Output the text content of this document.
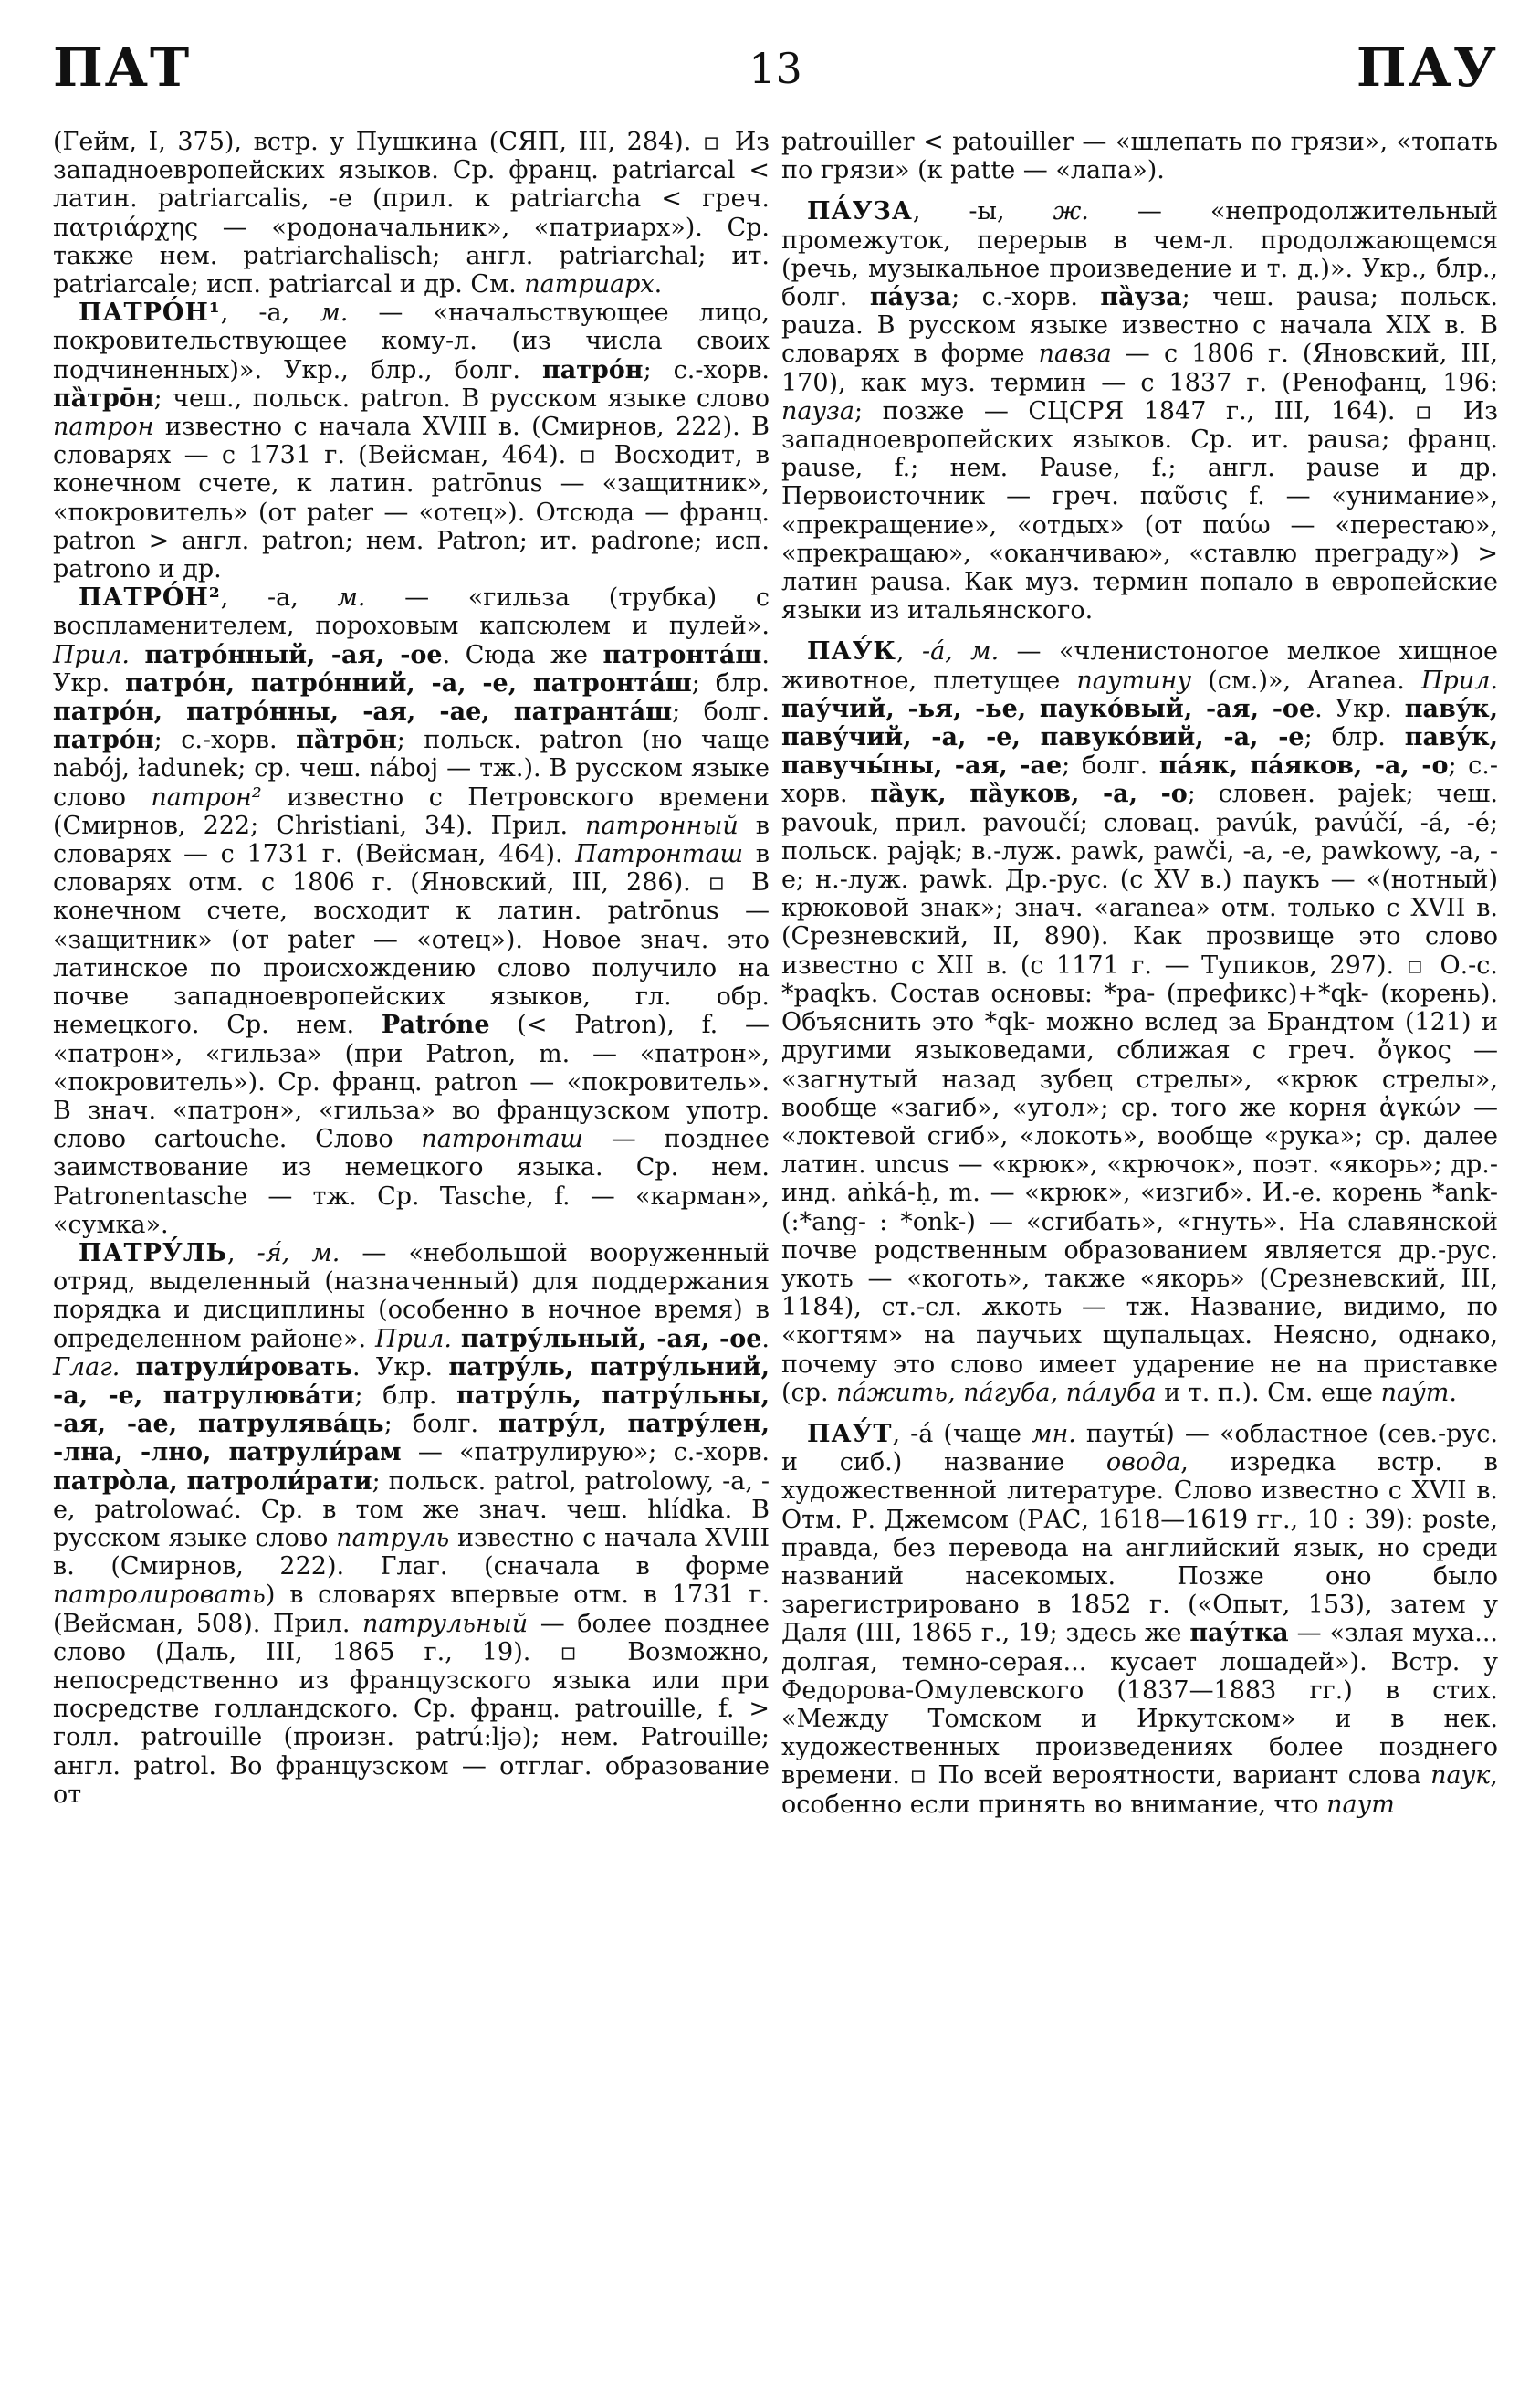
ПАТ	13	ПАУ

(Гейм, I, 375), встр. у Пушкина (СЯП, III, 284). ▫ Из западноевропейских языков. Ср. франц. patriarcal < латин. patriarcalis, -e (прил. к patriarcha < греч. πατριάρχης — «родоначальник», «патриарх»). Ср. также нем. patriarchalisch; англ. patriarchal; ит. patriarcale; исп. patriarcal и др. См. патриарх.

ПАТРО́Н¹, -а, м. — «начальствующее лицо, покровительствующее кому-л. (из числа своих подчиненных)». Укр., блр., болг. патрóн; с.-хорв. пȁтрōн; чеш., польск. patron. В русском языке слово патрон известно с начала XVIII в. (Смирнов, 222). В словарях — с 1731 г. (Вейсман, 464). ▫ Восходит, в конечном счете, к латин. patrōnus — «защитник», «покровитель» (от pater — «отец»). Отсюда — франц. patron > англ. patron; нем. Patron; ит. padrone; исп. patrono и др.

ПАТРО́Н², -а, м. — «гильза (трубка) с воспламенителем, пороховым капсюлем и пулей». Прил. патрóнный, -ая, -ое. Сюда же патронта́ш. Укр. патрóн, патрóнний, -а, -е, патронта́ш; блр. патрóн, патрóнны, -ая, -ае, патранта́ш; болг. патрóн; с.-хорв. пȁтрōн; польск. patron (но чаще nabój, ładunek; ср. чеш. náboj — тж.). В русском языке слово патрон² известно с Петровского времени (Смирнов, 222; Christiani, 34). Прил. патронный в словарях — с 1731 г. (Вейсман, 464). Патронташ в словарях отм. с 1806 г. (Яновский, III, 286). ▫ В конечном счете, восходит к латин. patrōnus — «защитник» (от pater — «отец»). Новое знач. это латинское по происхождению слово получило на почве западноевропейских языков, гл. обр. немецкого. Ср. нем. Patróne (< Patron), f. — «патрон», «гильза» (при Patron, m. — «патрон», «покровитель»). Ср. франц. patron — «покровитель». В знач. «патрон», «гильза» во французском употр. слово cartouche. Слово патронташ — позднее заимствование из немецкого языка. Ср. нем. Patronentasche — тж. Ср. Tasche, f. — «карман», «сумка».

ПАТРУ́ЛЬ, -я́, м. — «небольшой вооруженный отряд, выделенный (назначенный) для поддержания порядка и дисциплины (особенно в ночное время) в определенном районе». Прил. патру́льный, -ая, -ое. Глаг. патрули́ровать. Укр. патру́ль, патру́льний, -а, -е, патрулюва́ти; блр. патру́ль, патру́льны, -ая, -ае, патрулява́ць; болг. патру́л, патру́лен, -лна, -лно, патрули́рам — «патрулирую»; с.-хорв. патро̀ла, патроли́рати; польск. patrol, patrolowy, -a, -e, patrolować. Ср. в том же знач. чеш. hlídka. В русском языке слово патруль известно с начала XVIII в. (Смирнов, 222). Глаг. (сначала в форме патролировать) в словарях впервые отм. в 1731 г. (Вейсман, 508). Прил. патрульный — более позднее слово (Даль, III, 1865 г., 19). ▫ Возможно, непосредственно из французского языка или при посредстве голландского. Ср. франц. patrouille, f. > голл. patrouille (произн. patrú:ljə); нем. Patrouille; англ. patrol. Во французском — отглаг. образование от

patrouiller < patouiller — «шлепать по грязи», «топать по грязи» (к patte — «лапа»).

ПА́УЗА, -ы, ж. — «непродолжительный промежуток, перерыв в чем-л. продолжающемся (речь, музыкальное произведение и т. д.)». Укр., блр., болг. па́уза; с.-хорв. па̏уза; чеш. pausa; польск. pauza. В русском языке известно с начала XIX в. В словарях в форме павза — с 1806 г. (Яновский, III, 170), как муз. термин — с 1837 г. (Ренофанц, 196: пауза; позже — СЦСРЯ 1847 г., III, 164). ▫ Из западноевропейских языков. Ср. ит. pausa; франц. pause, f.; нем. Pause, f.; англ. pause и др. Первоисточник — греч. παῦσις f. — «унимание», «прекращение», «отдых» (от παύω — «перестаю», «прекращаю», «оканчиваю», «ставлю преграду») > латин pausa. Как муз. термин попало в европейские языки из итальянского.

ПАУ́К, -а́, м. — «членистоногое мелкое хищное животное, плетущее паутину (см.)», Aranea. Прил. пау́чий, -ья, -ье, паукóвый, -ая, -ое. Укр. паву́к, паву́чий, -а, -е, павукóвий, -а, -е; блр. паву́к, павучы́ны, -ая, -ае; болг. па́як, па́яков, -а, -о; с.-хорв. па̏ук, па̏уков, -а, -о; словен. pajek; чеш. pavouk, прил. pavoučí; словац. pavúk, pavúčí, -á, -é; польск. pająk; в.-луж. pawk, pawči, -a, -e, pawkowy, -a, -e; н.-луж. pawk. Др.-рус. (с XV в.) паукъ — «(нотный) крюковой знак»; знач. «aranea» отм. только с XVII в. (Срезневский, II, 890). Как прозвище это слово известно с XII в. (с 1171 г. — Тупиков, 297). ▫ О.-с. *paqkъ. Состав основы: *pa- (префикс)+*qk- (корень). Объяснить это *qk- можно вслед за Брандтом (121) и другими языковедами, сближая с греч. ὄγκος — «загнутый назад зубец стрелы», «крюк стрелы», вообще «загиб», «угол»; ср. того же корня ἀγκών — «локтевой сгиб», «локоть», вообще «рука»; ср. далее латин. uncus — «крюк», «крючок», поэт. «якорь»; др.-инд. aṅká-ḥ, m. — «крюк», «изгиб». И.-е. корень *ank- (:*ang- : *onk-) — «сгибать», «гнуть». На славянской почве родственным образованием является др.-рус. укоть — «коготь», также «якорь» (Срезневский, III, 1184), ст.-сл. ѫкоть — тж. Название, видимо, по «когтям» на паучьих щупальцах. Неясно, однако, почему это слово имеет ударение не на приставке (ср. па́жить, па́губа, па́луба и т. п.). См. еще пау́т.

ПАУ́Т, -а́ (чаще мн. пауты́) — «областное (сев.-рус. и сиб.) название овода, изредка встр. в художественной литературе. Слово известно с XVII в. Отм. Р. Джемсом (РАС, 1618—1619 гг., 10 : 39): poste, правда, без перевода на английский язык, но среди названий насекомых. Позже оно было зарегистрировано в 1852 г. («Опыт, 153), затем у Даля (III, 1865 г., 19; здесь же пау́тка — «злая муха... долгая, темно-серая... кусает лошадей»). Встр. у Федорова-Омулевского (1837—1883 гг.) в стих. «Между Томском и Иркутском» и в нек. художественных произведениях более позднего времени. ▫ По всей вероятности, вариант слова паук, особенно если принять во внимание, что паут
